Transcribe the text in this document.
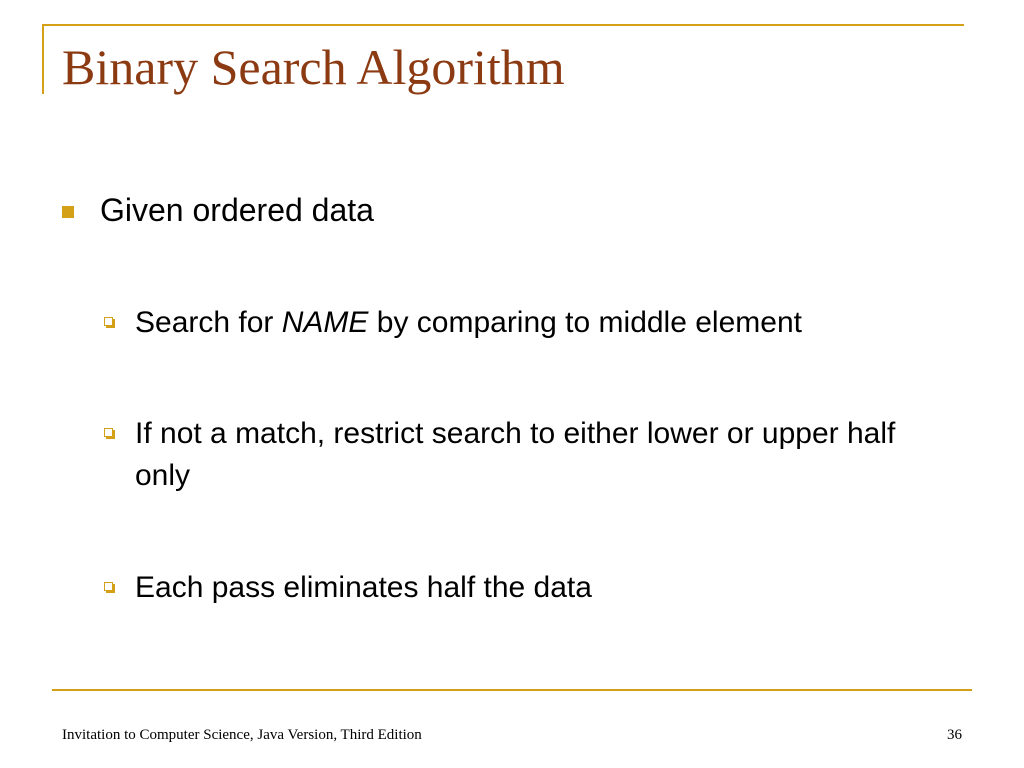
Binary Search Algorithm
Given ordered data
Search for NAME by comparing to middle element
If not a match, restrict search to either lower or upper half only
Each pass eliminates half the data
Invitation to Computer Science, Java Version, Third Edition	36
